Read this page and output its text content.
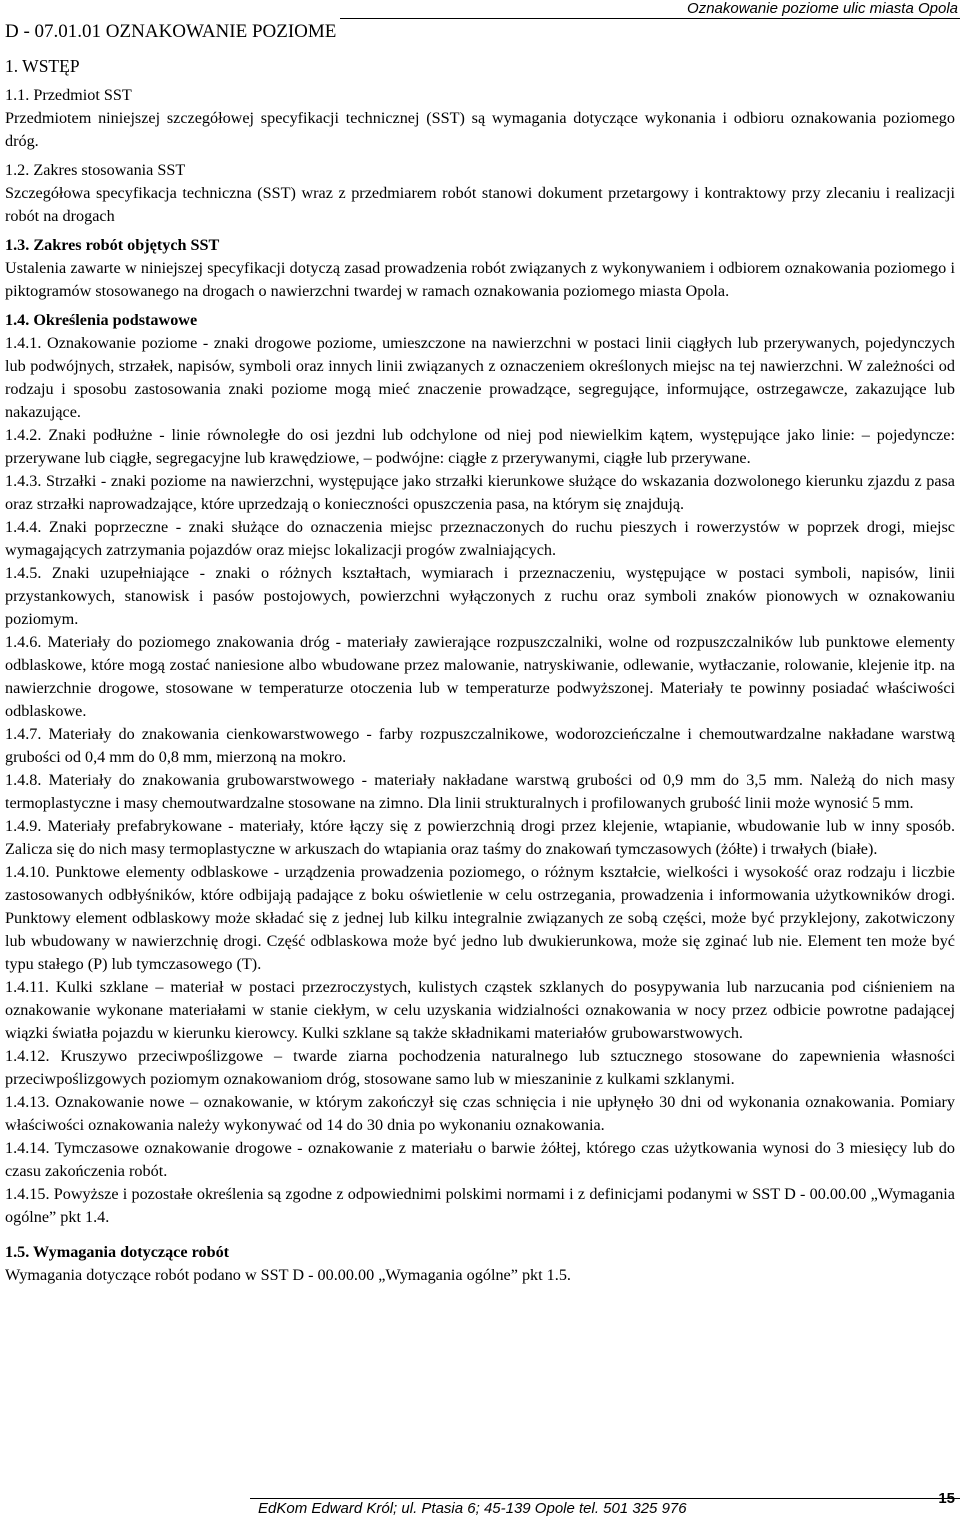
Oznakowanie poziome ulic miasta Opola
D - 07.01.01 OZNAKOWANIE POZIOME
1. WSTĘP
1.1. Przedmiot SST

Przedmiotem niniejszej szczegółowej specyfikacji technicznej (SST) są wymagania dotyczące wykonania i odbioru oznakowania poziomego dróg.

1.2. Zakres stosowania SST

Szczegółowa specyfikacja techniczna (SST) wraz z przedmiarem robót stanowi dokument przetargowy i kontraktowy przy zlecaniu i realizacji robót na drogach

1.3. Zakres robót objętych SST

Ustalenia zawarte w niniejszej specyfikacji dotyczą zasad prowadzenia robót związanych z wykonywaniem i odbiorem oznakowania poziomego i piktogramów stosowanego na drogach o nawierzchni twardej w ramach oznakowania poziomego miasta Opola.

1.4. Określenia podstawowe

1.4.1. Oznakowanie poziome - znaki drogowe poziome, umieszczone na nawierzchni w postaci linii ciągłych lub przerywanych, pojedynczych lub podwójnych, strzałek, napisów, symboli oraz innych linii związanych z oznaczeniem określonych miejsc na tej nawierzchni. W zależności od rodzaju i sposobu zastosowania znaki poziome mogą mieć znaczenie prowadzące, segregujące, informujące, ostrzegawcze, zakazujące lub nakazujące.

1.4.2. Znaki podłużne - linie równoległe do osi jezdni lub odchylone od niej pod niewielkim kątem, występujące jako linie: – pojedyncze: przerywane lub ciągłe, segregacyjne lub krawędziowe, – podwójne: ciągłe z przerywanymi, ciągłe lub przerywane.

1.4.3. Strzałki - znaki poziome na nawierzchni, występujące jako strzałki kierunkowe służące do wskazania dozwolonego kierunku zjazdu z pasa oraz strzałki naprowadzające, które uprzedzają o konieczności opuszczenia pasa, na którym się znajdują.

1.4.4. Znaki poprzeczne - znaki służące do oznaczenia miejsc przeznaczonych do ruchu pieszych i rowerzystów w poprzek drogi, miejsc wymagających zatrzymania pojazdów oraz miejsc lokalizacji progów zwalniających.

1.4.5. Znaki uzupełniające - znaki o różnych kształtach, wymiarach i przeznaczeniu, występujące w postaci symboli, napisów, linii przystankowych, stanowisk i pasów postojowych, powierzchni wyłączonych z ruchu oraz symboli znaków pionowych w oznakowaniu poziomym.

1.4.6. Materiały do poziomego znakowania dróg - materiały zawierające rozpuszczalniki, wolne od rozpuszczalników lub punktowe elementy odblaskowe, które mogą zostać naniesione albo wbudowane przez malowanie, natryskiwanie, odlewanie, wytłaczanie, rolowanie, klejenie itp. na nawierzchnie drogowe, stosowane w temperaturze otoczenia lub w temperaturze podwyższonej. Materiały te powinny posiadać właściwości odblaskowe.

1.4.7. Materiały do znakowania cienkowarstwowego - farby rozpuszczalnikowe, wodorozcieńczalne i chemoutwardzalne nakładane warstwą grubości od 0,4 mm do 0,8 mm, mierzoną na mokro.

1.4.8. Materiały do znakowania grubowarstwowego - materiały nakładane warstwą grubości od 0,9 mm do 3,5 mm. Należą do nich masy termoplastyczne i masy chemoutwardzalne stosowane na zimno. Dla linii strukturalnych i profilowanych grubość linii może wynosić 5 mm.

1.4.9. Materiały prefabrykowane - materiały, które łączy się z powierzchnią drogi przez klejenie, wtapianie, wbudowanie lub w inny sposób. Zalicza się do nich masy termoplastyczne w arkuszach do wtapiania oraz taśmy do znakowań tymczasowych (żółte) i trwałych (białe).

1.4.10. Punktowe elementy odblaskowe - urządzenia prowadzenia poziomego, o różnym kształcie, wielkości i wysokość oraz rodzaju i liczbie zastosowanych odbłyśników, które odbijają padające z boku oświetlenie w celu ostrzegania, prowadzenia i informowania użytkowników drogi. Punktowy element odblaskowy może składać się z jednej lub kilku integralnie związanych ze sobą części, może być przyklejony, zakotwiczony lub wbudowany w nawierzchnię drogi. Część odblaskowa może być jedno lub dwukierunkowa, może się zginać lub nie. Element ten może być typu stałego (P) lub tymczasowego (T).

1.4.11. Kulki szklane – materiał w postaci przezroczystych, kulistych cząstek szklanych do posypywania lub narzucania pod ciśnieniem na oznakowanie wykonane materiałami w stanie ciekłym, w celu uzyskania widzialności oznakowania w nocy przez odbicie powrotne padającej wiązki światła pojazdu w kierunku kierowcy. Kulki szklane są także składnikami materiałów grubowarstwowych.

1.4.12. Kruszywo przeciwpoślizgowe – twarde ziarna pochodzenia naturalnego lub sztucznego stosowane do zapewnienia własności przeciwpoślizgowych poziomym oznakowaniom dróg, stosowane samo lub w mieszaninie z kulkami szklanymi.

1.4.13. Oznakowanie nowe – oznakowanie, w którym zakończył się czas schnięcia i nie upłynęło 30 dni od wykonania oznakowania. Pomiary właściwości oznakowania należy wykonywać od 14 do 30 dnia po wykonaniu oznakowania.

1.4.14. Tymczasowe oznakowanie drogowe - oznakowanie z materiału o barwie żółtej, którego czas użytkowania wynosi do 3 miesięcy lub do czasu zakończenia robót.

1.4.15. Powyższe i pozostałe określenia są zgodne z odpowiednimi polskimi normami i z definicjami podanymi w SST D - 00.00.00 „Wymagania ogólne” pkt 1.4.

1.5. Wymagania dotyczące robót

Wymagania dotyczące robót podano w SST D - 00.00.00 „Wymagania ogólne” pkt 1.5.

EdKom Edward Król; ul. Ptasia 6; 45-139 Opole tel. 501 325 976
15
